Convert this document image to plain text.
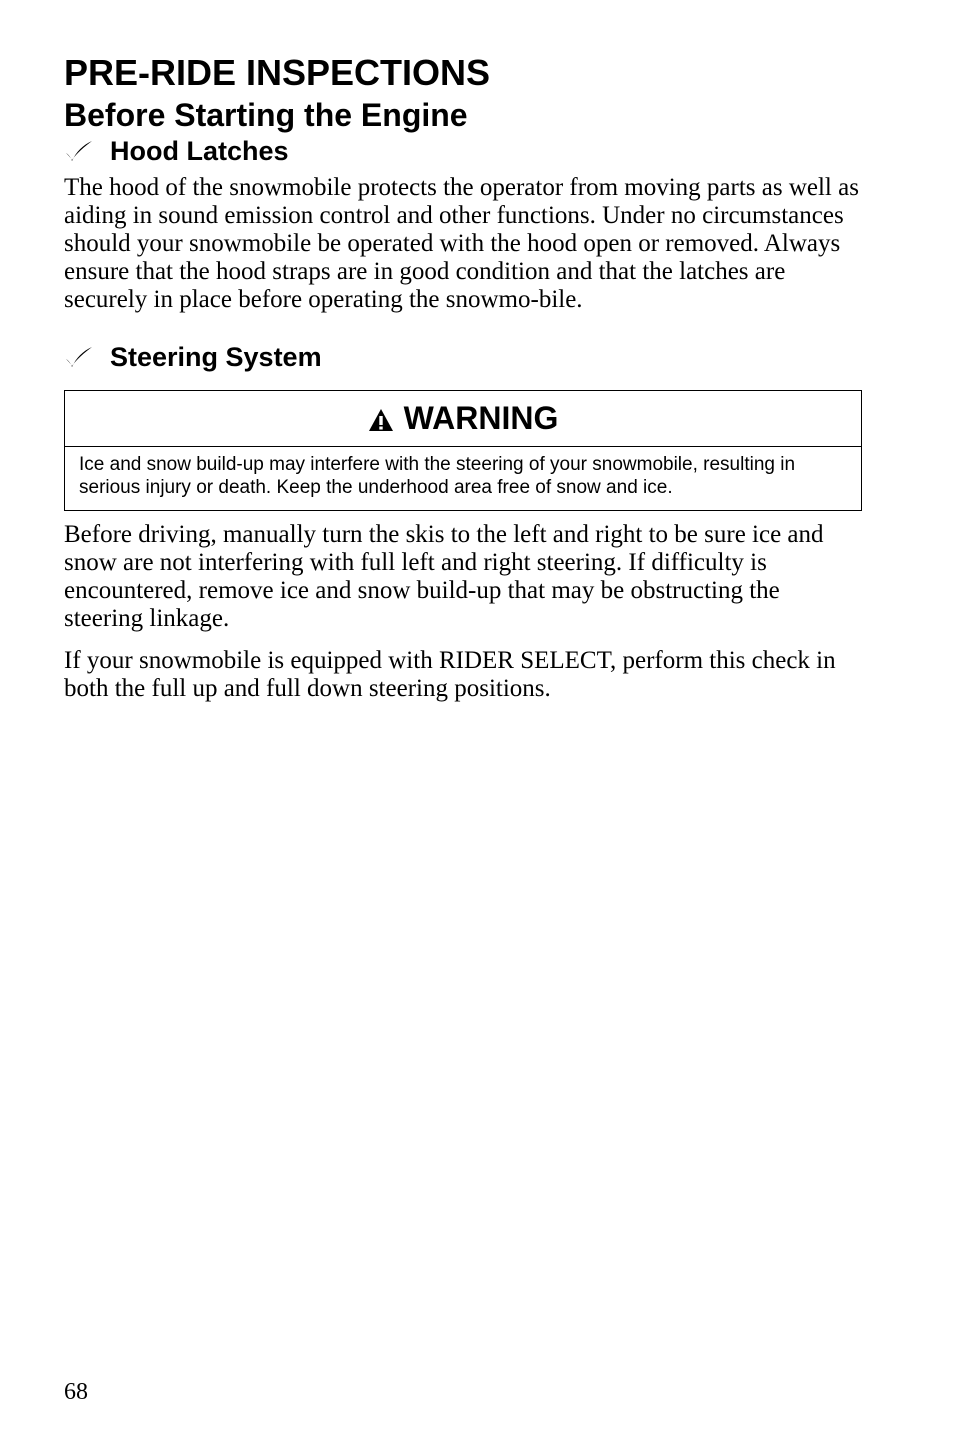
PRE-RIDE INSPECTIONS
Before Starting the Engine
Hood Latches

The hood of the snowmobile protects the operator from moving parts as well as aiding in sound emission control and other functions. Under no circumstances should your snowmobile be operated with the hood open or removed. Always ensure that the hood straps are in good condition and that the latches are securely in place before operating the snowmo-bile.

Steering System
WARNING
Ice and snow build-up may interfere with the steering of your snowmobile, resulting in serious injury or death. Keep the underhood area free of snow and ice.

Before driving, manually turn the skis to the left and right to be sure ice and snow are not interfering with full left and right steering. If difficulty is encountered, remove ice and snow build-up that may be obstructing the steering linkage.

If your snowmobile is equipped with RIDER SELECT, perform this check in both the full up and full down steering positions.

68
